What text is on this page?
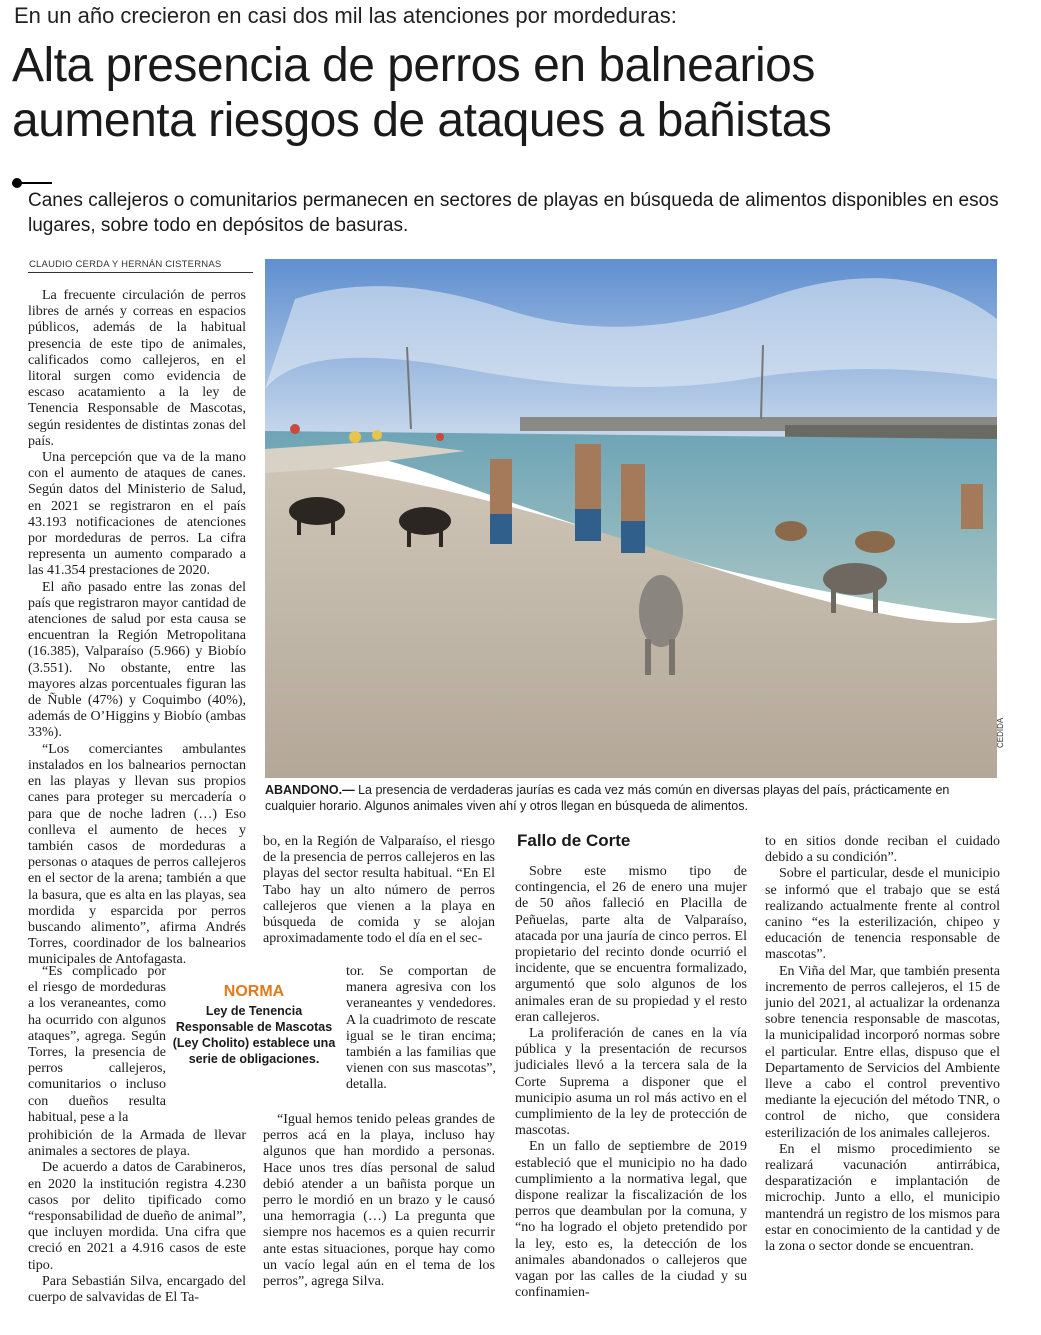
En un año crecieron en casi dos mil las atenciones por mordeduras:
Alta presencia de perros en balnearios
aumenta riesgos de ataques a bañistas
Canes callejeros o comunitarios permanecen en sectores de playas en búsqueda de alimentos disponibles en esos lugares, sobre todo en depósitos de basuras.
CLAUDIO CERDA Y HERNÁN CISTERNAS

La frecuente circulación de perros libres de arnés y correas en espacios públicos, además de la habitual presencia de este tipo de animales, calificados como callejeros, en el litoral surgen como evidencia de escaso acatamiento a la ley de Tenencia Responsable de Mascotas, según residentes de distintas zonas del país.

Una percepción que va de la mano con el aumento de ataques de canes. Según datos del Ministerio de Salud, en 2021 se registraron en el país 43.193 notificaciones de atenciones por mordeduras de perros. La cifra representa un aumento comparado a las 41.354 prestaciones de 2020.

El año pasado entre las zonas del país que registraron mayor cantidad de atenciones de salud por esta causa se encuentran la Región Metropolitana (16.385), Valparaíso (5.966) y Biobío (3.551). No obstante, entre las mayores alzas porcentuales figuran las de Ñuble (47%) y Coquimbo (40%), además de O’Higgins y Biobío (ambas 33%).

“Los comerciantes ambulantes instalados en los balnearios pernoctan en las playas y llevan sus propios canes para proteger su mercadería o para que de noche ladren (…) Eso conlleva el aumento de heces y también casos de mordeduras a personas o ataques de perros callejeros en el sector de la arena; también a que la basura, que es alta en las playas, sea mordida y esparcida por perros buscando alimento”, afirma Andrés Torres, coordinador de los balnearios municipales de Antofagasta.

“Es complicado por el riesgo de mordeduras a los veraneantes, como ha ocurrido con algunos ataques”, agrega. Según Torres, la presencia de perros callejeros, comunitarios o incluso con dueños resulta habitual, pese a la

prohibición de la Armada de llevar animales a sectores de playa.

De acuerdo a datos de Carabineros, en 2020 la institución registra 4.230 casos por delito tipificado como “responsabilidad de dueño de animal”, que incluyen mordida. Una cifra que creció en 2021 a 4.916 casos de este tipo.

Para Sebastián Silva, encargado del cuerpo de salvavidas de El Ta-

CEDIDA
ABANDONO.— La presencia de verdaderas jaurías es cada vez más común en diversas playas del país, prácticamente en cualquier horario. Algunos animales viven ahí y otros llegan en búsqueda de alimentos.

bo, en la Región de Valparaíso, el riesgo de la presencia de perros callejeros en las playas del sector resulta habitual. “En El Tabo hay un alto número de perros callejeros que vienen a la playa en búsqueda de comida y se alojan aproximadamente todo el día en el sec-

NORMA
Ley de Tenencia Responsable de Mascotas (Ley Cholito) establece una serie de obligaciones.

tor. Se comportan de manera agresiva con los veraneantes y vendedores. A la cuadrimoto de rescate igual se le tiran encima; también a las familias que vienen con sus mascotas”, detalla.

“Igual hemos tenido peleas grandes de perros acá en la playa, incluso hay algunos que han mordido a personas. Hace unos tres días personal de salud debió atender a un bañista porque un perro le mordió en un brazo y le causó una hemorragia (…) La pregunta que siempre nos hacemos es a quien recurrir ante estas situaciones, porque hay como un vacío legal aún en el tema de los perros”, agrega Silva.

Fallo de Corte

Sobre este mismo tipo de contingencia, el 26 de enero una mujer de 50 años falleció en Placilla de Peñuelas, parte alta de Valparaíso, atacada por una jauría de cinco perros. El propietario del recinto donde ocurrió el incidente, que se encuentra formalizado, argumentó que solo algunos de los animales eran de su propiedad y el resto eran callejeros.

La proliferación de canes en la vía pública y la presentación de recursos judiciales llevó a la tercera sala de la Corte Suprema a disponer que el municipio asuma un rol más activo en el cumplimiento de la ley de protección de mascotas.

En un fallo de septiembre de 2019 estableció que el municipio no ha dado cumplimiento a la normativa legal, que dispone realizar la fiscalización de los perros que deambulan por la comuna, y “no ha logrado el objeto pretendido por la ley, esto es, la detección de los animales abandonados o callejeros que vagan por las calles de la ciudad y su confinamien-

to en sitios donde reciban el cuidado debido a su condición”.

Sobre el particular, desde el municipio se informó que el trabajo que se está realizando actualmente frente al control canino “es la esterilización, chipeo y educación de tenencia responsable de mascotas”.

En Viña del Mar, que también presenta incremento de perros callejeros, el 15 de junio del 2021, al actualizar la ordenanza sobre tenencia responsable de mascotas, la municipalidad incorporó normas sobre el particular. Entre ellas, dispuso que el Departamento de Servicios del Ambiente lleve a cabo el control preventivo mediante la ejecución del método TNR, o control de nicho, que considera esterilización de los animales callejeros.

En el mismo procedimiento se realizará vacunación antirrábica, desparatización e implantación de microchip. Junto a ello, el municipio mantendrá un registro de los mismos para estar en conocimiento de la cantidad y de la zona o sector donde se encuentran.
